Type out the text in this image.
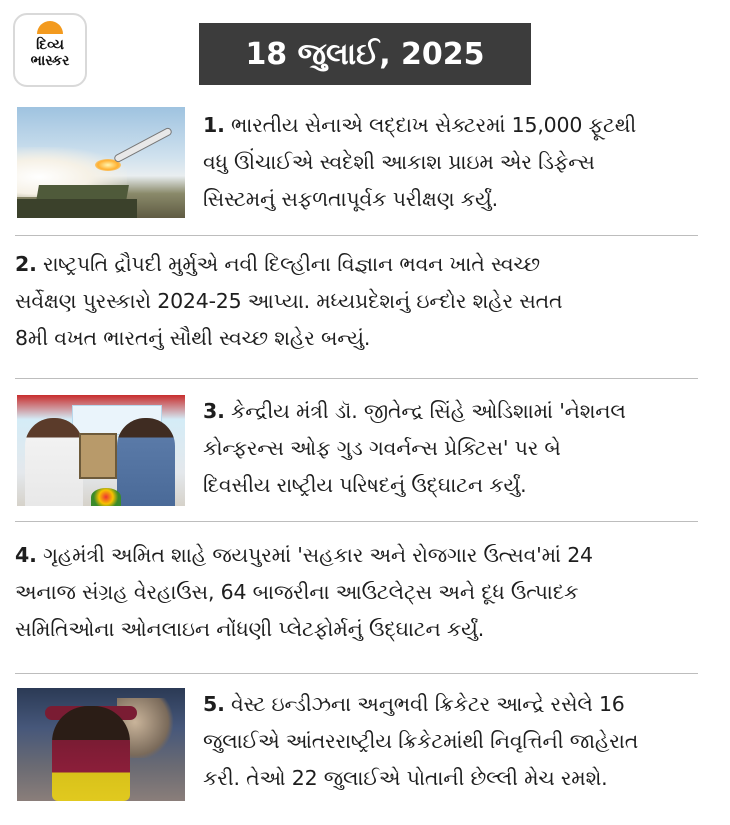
દિવ્ય
ભાસ્કર	18 જુલાઈ, 2025
1. ભારતીય સેનાએ લદ્દાખ સેક્ટરમાં 15,000 ફૂટથી
વધુ ઊંચાઈએ સ્વદેશી આકાશ પ્રાઇમ એર ડિફેન્સ
સિસ્ટમનું સફળતાપૂર્વક પરીક્ષણ કર્યું.
2. રાષ્ટ્રપતિ દ્રૌપદી મુર્મુએ નવી દિલ્હીના વિજ્ઞાન ભવન ખાતે સ્વચ્છ
સર્વેક્ષણ પુરસ્કારો 2024-25 આપ્યા. મધ્યપ્રદેશનું ઇન્દોર શહેર સતત
8મી વખત ભારતનું સૌથી સ્વચ્છ શહેર બન્યું.
3. કેન્દ્રીય મંત્રી ડૉ. જીતેન્દ્ર સિંહે ઓડિશામાં 'નેશનલ
કોન્ફરન્સ ઓફ ગુડ ગવર્નન્સ પ્રેક્ટિસ' પર બે
દિવસીય રાષ્ટ્રીય પરિષદનું ઉદ્ઘાટન કર્યું.
4. ગૃહમંત્રી અમિત શાહે જયપુરમાં 'સહકાર અને રોજગાર ઉત્સવ'માં 24
અનાજ સંગ્રહ વેરહાઉસ, 64 બાજરીના આઉટલેટ્સ અને દૂધ ઉત્પાદક
સમિતિઓના ઓનલાઇન નોંધણી પ્લેટફોર્મનું ઉદ્ઘાટન કર્યું.
5. વેસ્ટ ઇન્ડીઝના અનુભવી ક્રિકેટર આન્દ્રે રસેલે 16
જુલાઈએ આંતરરાષ્ટ્રીય ક્રિકેટમાંથી નિવૃત્તિની જાહેરાત
કરી. તેઓ 22 જુલાઈએ પોતાની છેલ્લી મેચ રમશે.
